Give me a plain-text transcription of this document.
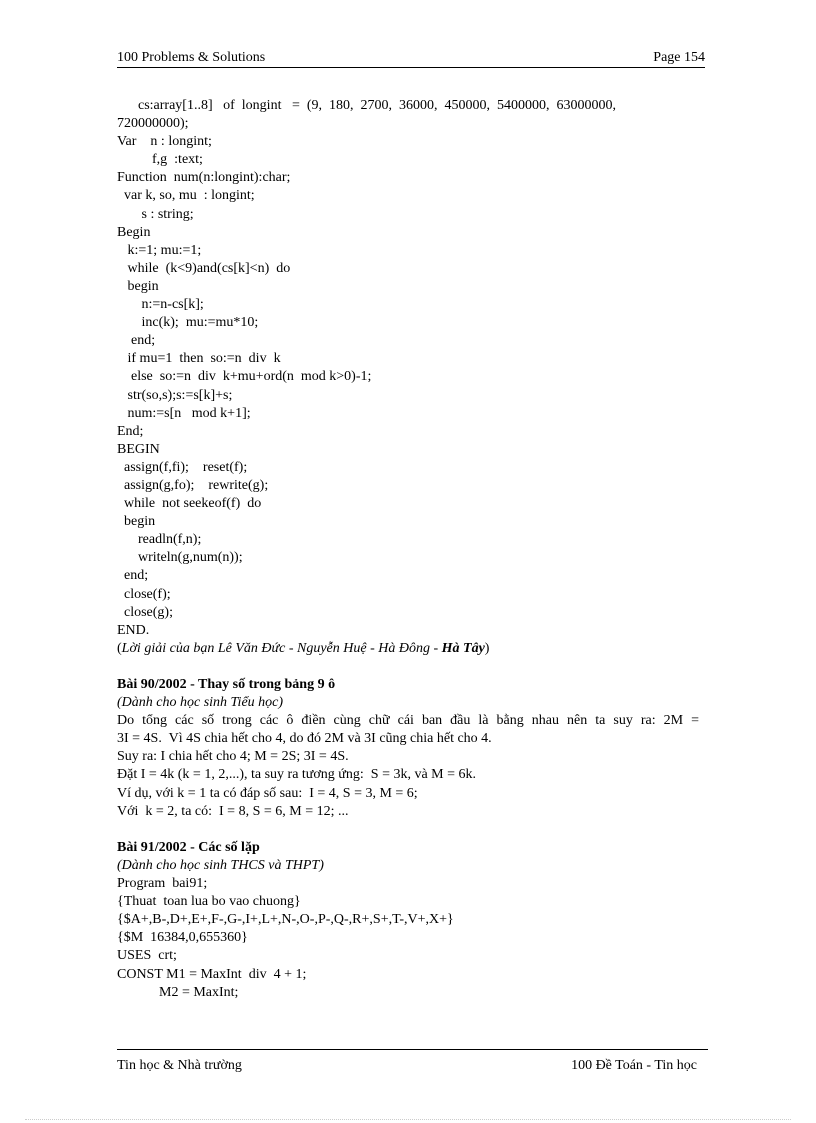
100 Problems & Solutions	Page 154
cs:array[1..8]   of  longint   =  (9,  180,  2700,  36000,  450000,  5400000,  63000000,
720000000);
Var    n : longint;
f,g  :text;
Function  num(n:longint):char;
var k, so, mu  : longint;
s : string;
Begin
k:=1; mu:=1;
while  (k<9)and(cs[k]<n)  do
begin
n:=n-cs[k];
inc(k);  mu:=mu*10;
end;
if mu=1  then  so:=n  div  k
else  so:=n  div  k+mu+ord(n  mod k>0)-1;
str(so,s);s:=s[k]+s;
num:=s[n   mod k+1];
End;
BEGIN
assign(f,fi);    reset(f);
assign(g,fo);    rewrite(g);
while  not seekeof(f)  do
begin
readln(f,n);
writeln(g,num(n));
end;
close(f);
close(g);
END.
(Lời giải của bạn Lê Văn Đức - Nguyễn Huệ - Hà Đông - Hà Tây)
Bài 90/2002 - Thay số trong bảng 9 ô
(Dành cho học sinh Tiểu học)
Do tổng các số trong các ô điền cùng chữ cái ban đầu là bằng nhau nên ta suy ra: 2M =
3I = 4S.  Vì 4S chia hết cho 4, do đó 2M và 3I cũng chia hết cho 4.
Suy ra: I chia hết cho 4; M = 2S; 3I = 4S.
Đặt I = 4k (k = 1, 2,...), ta suy ra tương ứng:  S = 3k, và M = 6k.
Ví dụ, với k = 1 ta có đáp số sau:  I = 4, S = 3, M = 6;
Với  k = 2, ta có:  I = 8, S = 6, M = 12; ...
Bài 91/2002 - Các số lặp
(Dành cho học sinh THCS và THPT)
Program  bai91;
{Thuat  toan lua bo vao chuong}
{$A+,B-,D+,E+,F-,G-,I+,L+,N-,O-,P-,Q-,R+,S+,T-,V+,X+}
{$M  16384,0,655360}
USES  crt;
CONST M1 = MaxInt  div  4 + 1;
M2 = MaxInt;
Tin học & Nhà trường	100 Đề Toán - Tin học
